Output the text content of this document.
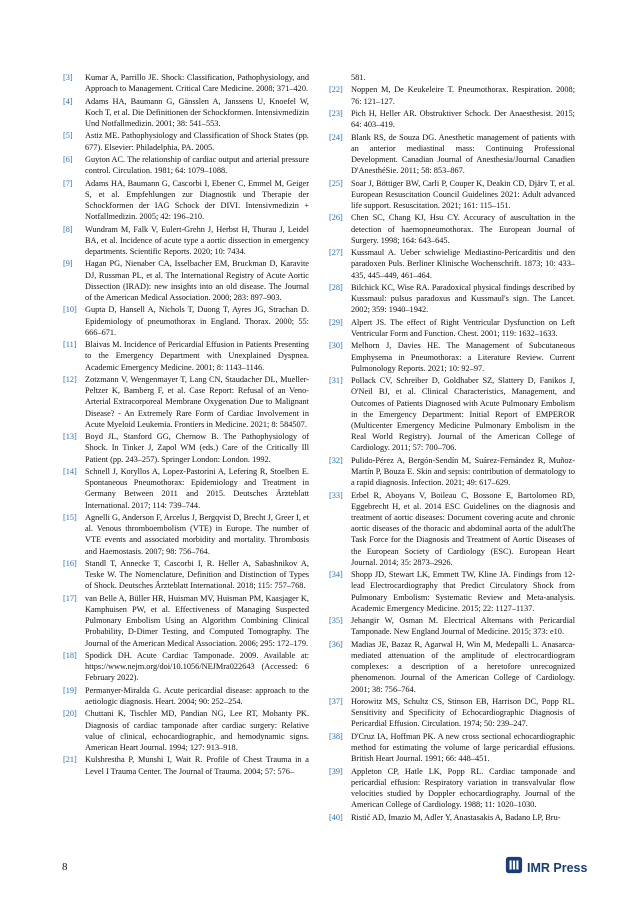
[3] Kumar A, Parrillo JE. Shock: Classification, Pathophysiology, and Approach to Management. Critical Care Medicine. 2008; 371–420.
[4] Adams HA, Baumann G, Gänsslen A, Janssens U, Knoefel W, Koch T, et al. Die Definitionen der Schockformen. Intensivmedizin Und Notfallmedizin. 2001; 38: 541–553.
[5] Astiz ME. Pathophysiology and Classification of Shock States (pp. 677). Elsevier: Philadelphia, PA. 2005.
[6] Guyton AC. The relationship of cardiac output and arterial pressure control. Circulation. 1981; 64: 1079–1088.
[7] Adams HA, Baumann G, Cascorbi I, Ebener C, Emmel M, Geiger S, et al. Empfehlungen zur Diagnostik und Therapie der Schockformen der IAG Schock der DIVI. Intensivmedizin + Notfallmedizin. 2005; 42: 196–210.
[8] Wundram M, Falk V, Eulert-Grehn J, Herbst H, Thurau J, Leidel BA, et al. Incidence of acute type a aortic dissection in emergency departments. Scientific Reports. 2020; 10: 7434.
[9] Hagan PG, Nienaber CA, Isselbacher EM, Bruckman D, Karavite DJ, Russman PL, et al. The International Registry of Acute Aortic Dissection (IRAD): new insights into an old disease. The Journal of the American Medical Association. 2000; 283: 897–903.
[10] Gupta D, Hansell A, Nichols T, Duong T, Ayres JG, Strachan D. Epidemiology of pneumothorax in England. Thorax. 2000; 55: 666–671.
[11] Blaivas M. Incidence of Pericardial Effusion in Patients Presenting to the Emergency Department with Unexplained Dyspnea. Academic Emergency Medicine. 2001; 8: 1143–1146.
[12] Zotzmann V, Wengenmayer T, Lang CN, Staudacher DL, Mueller-Peltzer K, Bamberg F, et al. Case Report: Refusal of an Veno-Arterial Extracorporeal Membrane Oxygenation Due to Malignant Disease? - An Extremely Rare Form of Cardiac Involvement in Acute Myeloid Leukemia. Frontiers in Medicine. 2021; 8: 584507.
[13] Boyd JL, Stanford GG, Chernow B. The Pathophysiology of Shock. In Tinker J, Zapol WM (eds.) Care of the Critically Ill Patient (pp. 243–257). Springer London: London. 1992.
[14] Schnell J, Koryllos A, Lopez-Pastorini A, Lefering R, Stoelben E. Spontaneous Pneumothorax: Epidemiology and Treatment in Germany Between 2011 and 2015. Deutsches Ärzteblatt International. 2017; 114: 739–744.
[15] Agnelli G, Anderson F, Arcelus J, Bergqvist D, Brecht J, Greer I, et al. Venous thromboembolism (VTE) in Europe. The number of VTE events and associated morbidity and mortality. Thrombosis and Haemostasis. 2007; 98: 756–764.
[16] Standl T, Annecke T, Cascorbi I, R. Heller A, Sabashnikov A, Teske W. The Nomenclature, Definition and Distinction of Types of Shock. Deutsches Ärzteblatt International. 2018; 115: 757–768.
[17] van Belle A, Büller HR, Huisman MV, Huisman PM, Kaasjager K, Kamphuisen PW, et al. Effectiveness of Managing Suspected Pulmonary Embolism Using an Algorithm Combining Clinical Probability, D-Dimer Testing, and Computed Tomography. The Journal of the American Medical Association. 2006; 295: 172–179.
[18] Spodick DH. Acute Cardiac Tamponade. 2009. Available at: https://www.nejm.org/doi/10.1056/NEJMra022643 (Accessed: 6 February 2022).
[19] Permanyer-Miralda G. Acute pericardial disease: approach to the aetiologic diagnosis. Heart. 2004; 90: 252–254.
[20] Chuttani K, Tischler MD, Pandian NG, Lee RT, Mohanty PK. Diagnosis of cardiac tamponade after cardiac surgery: Relative value of clinical, echocardiographic, and hemodynamic signs. American Heart Journal. 1994; 127: 913–918.
[21] Kulshrestha P, Munshi I, Wait R. Profile of Chest Trauma in a Level I Trauma Center. The Journal of Trauma. 2004; 57: 576–
581.
[22] Noppen M, De Keukeleire T. Pneumothorax. Respiration. 2008; 76: 121–127.
[23] Pich H, Heller AR. Obstruktiver Schock. Der Anaesthesist. 2015; 64: 403–419.
[24] Blank RS, de Souza DG. Anesthetic management of patients with an anterior mediastinal mass: Continuing Professional Development. Canadian Journal of Anesthesia/Journal Canadien D'AnesthéSie. 2011; 58: 853–867.
[25] Soar J, Böttiger BW, Carli P, Couper K, Deakin CD, Djärv T, et al. European Resuscitation Council Guidelines 2021: Adult advanced life support. Resuscitation. 2021; 161: 115–151.
[26] Chen SC, Chang KJ, Hsu CY. Accuracy of auscultation in the detection of haemopneumothorax. The European Journal of Surgery. 1998; 164: 643–645.
[27] Kussmaul A. Ueber schwielige Mediastino-Pericarditis und den paradoxen Puls. Berliner Klinische Wochenschrift. 1873; 10: 433–435, 445–449, 461–464.
[28] Bilchick KC, Wise RA. Paradoxical physical findings described by Kussmaul: pulsus paradoxus and Kussmaul's sign. The Lancet. 2002; 359: 1940–1942.
[29] Alpert JS. The effect of Right Ventricular Dysfunction on Left Ventricular Form and Function. Chest. 2001; 119: 1632–1633.
[30] Melhorn J, Davies HE. The Management of Subcutaneous Emphysema in Pneumothorax: a Literature Review. Current Pulmonology Reports. 2021; 10: 92–97.
[31] Pollack CV, Schreiber D, Goldhaber SZ, Slattery D, Fanikos J, O'Neil BJ, et al. Clinical Characteristics, Management, and Outcomes of Patients Diagnosed with Acute Pulmonary Embolism in the Emergency Department: Initial Report of EMPEROR (Multicenter Emergency Medicine Pulmonary Embolism in the Real World Registry). Journal of the American College of Cardiology. 2011; 57: 700–706.
[32] Pulido-Pérez A, Bergón-Sendín M, Suárez-Fernández R, Muñoz-Martín P, Bouza E. Skin and sepsis: contribution of dermatology to a rapid diagnosis. Infection. 2021; 49: 617–629.
[33] Erbel R, Aboyans V, Boileau C, Bossone E, Bartolomeo RD, Eggebrecht H, et al. 2014 ESC Guidelines on the diagnosis and treatment of aortic diseases: Document covering acute and chronic aortic diseases of the thoracic and abdominal aorta of the adultThe Task Force for the Diagnosis and Treatment of Aortic Diseases of the European Society of Cardiology (ESC). European Heart Journal. 2014; 35: 2873–2926.
[34] Shopp JD, Stewart LK, Emmett TW, Kline JA. Findings from 12-lead Electrocardiography that Predict Circulatory Shock from Pulmonary Embolism: Systematic Review and Meta-analysis. Academic Emergency Medicine. 2015; 22: 1127–1137.
[35] Jehangir W, Osman M. Electrical Alternans with Pericardial Tamponade. New England Journal of Medicine. 2015; 373: e10.
[36] Madias JE, Bazaz R, Agarwal H, Win M, Medepalli L. Anasarca-mediated attenuation of the amplitude of electrocardiogram complexes: a description of a heretofore unrecognized phenomenon. Journal of the American College of Cardiology. 2001; 38: 756–764.
[37] Horowitz MS, Schultz CS, Stinson EB, Harrison DC, Popp RL. Sensitivity and Specificity of Echocardiographic Diagnosis of Pericardial Effusion. Circulation. 1974; 50: 239–247.
[38] D'Cruz IA, Hoffman PK. A new cross sectional echocardiographic method for estimating the volume of large pericardial effusions. British Heart Journal. 1991; 66: 448–451.
[39] Appleton CP, Hatle LK, Popp RL. Cardiac tamponade and pericardial effusion: Respiratory variation in transvalvular flow velocities studied by Doppler echocardiography. Journal of the American College of Cardiology. 1988; 11: 1020–1030.
[40] Ristić AD, Imazio M, Adler Y, Anastasakis A, Badano LP, Bru-
8	IMR Press
